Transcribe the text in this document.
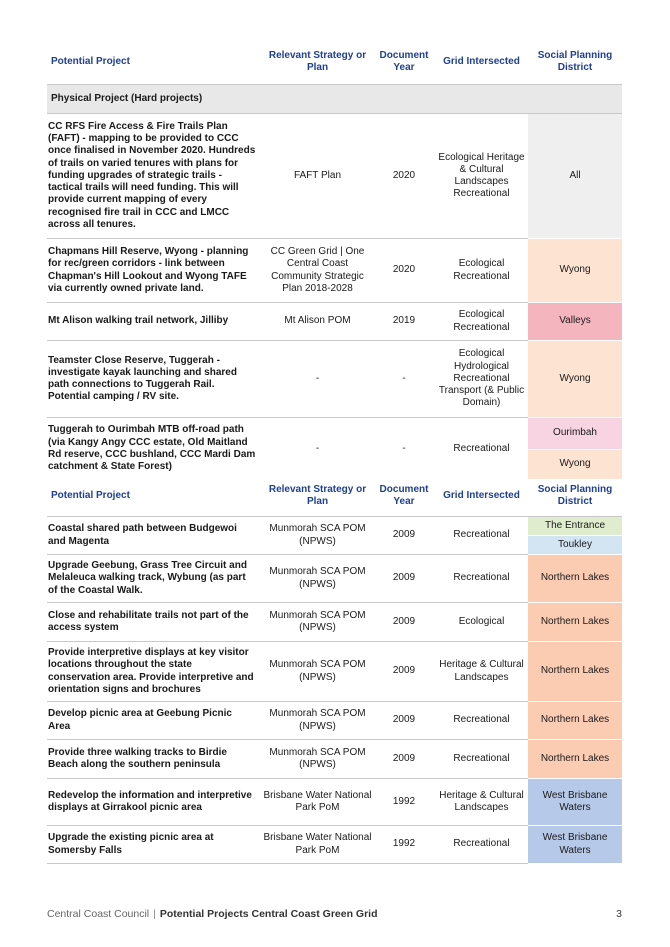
Potential Project	Relevant Strategy or Plan	Document Year	Grid Intersected	Social Planning District
Physical Project (Hard projects)				
CC RFS Fire Access & Fire Trails Plan (FAFT) - mapping to be provided to CCC once finalised in November 2020. Hundreds of trails on varied tenures with plans for funding upgrades of strategic trails - tactical trails will need funding. This will provide current mapping of every recognised fire trail in CCC and LMCC across all tenures.	FAFT Plan	2020	Ecological Heritage & Cultural Landscapes Recreational	All
Chapmans Hill Reserve, Wyong - planning for rec/green corridors - link between Chapman's Hill Lookout and Wyong TAFE via currently owned private land.	CC Green Grid | One Central Coast Community Strategic Plan 2018-2028	2020	Ecological Recreational	Wyong
Mt Alison walking trail network, Jilliby	Mt Alison POM	2019	Ecological Recreational	Valleys
Teamster Close Reserve, Tuggerah - investigate kayak launching and shared path connections to Tuggerah Rail. Potential camping / RV site.	-	-	Ecological Hydrological Recreational Transport (& Public Domain)	Wyong
Tuggerah to Ourimbah MTB off-road path (via Kangy Angy CCC estate, Old Maitland Rd reserve, CCC bushland, CCC Mardi Dam catchment & State Forest)	-	-	Recreational	Ourimbah
				Wyong
Potential Project	Relevant Strategy or Plan	Document Year	Grid Intersected	Social Planning District
Coastal shared path between Budgewoi and Magenta	Munmorah SCA POM (NPWS)	2009	Recreational	The Entrance
				Toukley
Upgrade Geebung, Grass Tree Circuit and Melaleuca walking track, Wybung (as part of the Coastal Walk.	Munmorah SCA POM (NPWS)	2009	Recreational	Northern Lakes
Close and rehabilitate trails not part of the access system	Munmorah SCA POM (NPWS)	2009	Ecological	Northern Lakes
Provide interpretive displays at key visitor locations throughout the state conservation area. Provide interpretive and orientation signs and brochures	Munmorah SCA POM (NPWS)	2009	Heritage & Cultural Landscapes	Northern Lakes
Develop picnic area at Geebung Picnic Area	Munmorah SCA POM (NPWS)	2009	Recreational	Northern Lakes
Provide three walking tracks to Birdie Beach along the southern peninsula	Munmorah SCA POM (NPWS)	2009	Recreational	Northern Lakes
Redevelop the information and interpretive displays at Girrakool picnic area	Brisbane Water National Park PoM	1992	Heritage & Cultural Landscapes	West Brisbane Waters
Upgrade the existing picnic area at Somersby Falls	Brisbane Water National Park PoM	1992	Recreational	West Brisbane Waters
Central Coast Council | Potential Projects Central Coast Green Grid	3
